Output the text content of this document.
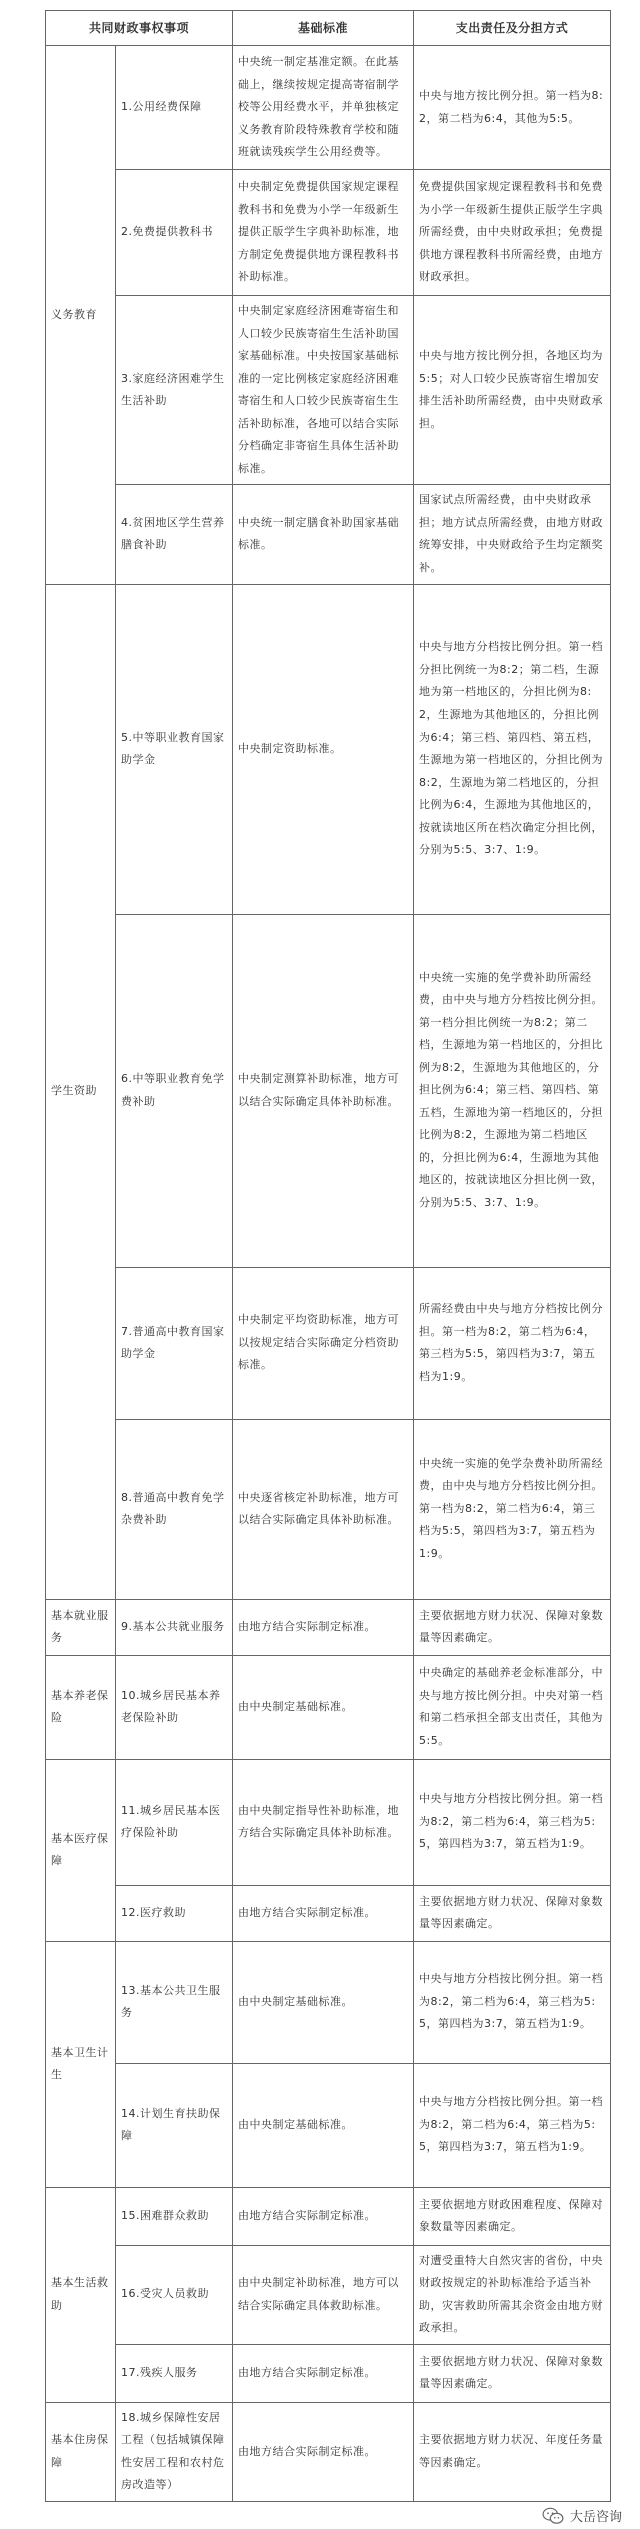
共同财政事权事项		基础标准	支出责任及分担方式
义务教育	1.公用经费保障	中央统一制定基准定额。在此基础上，继续按规定提高寄宿制学校等公用经费水平，并单独核定义务教育阶段特殊教育学校和随班就读残疾学生公用经费等。	中央与地方按比例分担。第一档为8:2，第二档为6:4，其他为5:5。
	2.免费提供教科书	中央制定免费提供国家规定课程教科书和免费为小学一年级新生提供正版学生字典补助标准，地方制定免费提供地方课程教科书补助标准。	免费提供国家规定课程教科书和免费为小学一年级新生提供正版学生字典所需经费，由中央财政承担；免费提供地方课程教科书所需经费，由地方财政承担。
	3.家庭经济困难学生生活补助	中央制定家庭经济困难寄宿生和人口较少民族寄宿生生活补助国家基础标准。中央按国家基础标准的一定比例核定家庭经济困难寄宿生和人口较少民族寄宿生生活补助标准，各地可以结合实际分档确定非寄宿生具体生活补助标准。	中央与地方按比例分担，各地区均为5:5；对人口较少民族寄宿生增加安排生活补助所需经费，由中央财政承担。
	4.贫困地区学生营养膳食补助	中央统一制定膳食补助国家基础标准。	国家试点所需经费，由中央财政承担；地方试点所需经费，由地方财政统筹安排，中央财政给予生均定额奖补。
学生资助	5.中等职业教育国家助学金	中央制定资助标准。	中央与地方分档按比例分担。第一档分担比例统一为8:2；第二档，生源地为第一档地区的，分担比例为8:2，生源地为其他地区的，分担比例为6:4；第三档、第四档、第五档，生源地为第一档地区的，分担比例为8:2，生源地为第二档地区的，分担比例为6:4，生源地为其他地区的，按就读地区所在档次确定分担比例，分别为5:5、3:7、1:9。
	6.中等职业教育免学费补助	中央制定测算补助标准，地方可以结合实际确定具体补助标准。	中央统一实施的免学费补助所需经费，由中央与地方分档按比例分担。第一档分担比例统一为8:2；第二档，生源地为第一档地区的，分担比例为8:2，生源地为其他地区的，分担比例为6:4；第三档、第四档、第五档，生源地为第一档地区的，分担比例为8:2，生源地为第二档地区的，分担比例为6:4，生源地为其他地区的，按就读地区分担比例一致，分别为5:5、3:7、1:9。
	7.普通高中教育国家助学金	中央制定平均资助标准，地方可以按规定结合实际确定分档资助标准。	所需经费由中央与地方分档按比例分担。第一档为8:2，第二档为6:4，第三档为5:5，第四档为3:7，第五档为1:9。
	8.普通高中教育免学杂费补助	中央逐省核定补助标准，地方可以结合实际确定具体补助标准。	中央统一实施的免学杂费补助所需经费，由中央与地方分档按比例分担。第一档为8:2，第二档为6:4，第三档为5:5，第四档为3:7，第五档为1:9。
基本就业服务	9.基本公共就业服务	由地方结合实际制定标准。	主要依据地方财力状况、保障对象数量等因素确定。
基本养老保险	10.城乡居民基本养老保险补助	由中央制定基础标准。	中央确定的基础养老金标准部分，中央与地方按比例分担。中央对第一档和第二档承担全部支出责任，其他为5:5。
基本医疗保障	11.城乡居民基本医疗保险补助	由中央制定指导性补助标准，地方结合实际确定具体补助标准。	中央与地方分档按比例分担。第一档为8:2，第二档为6:4，第三档为5:5，第四档为3:7，第五档为1:9。
	12.医疗救助	由地方结合实际制定标准。	主要依据地方财力状况、保障对象数量等因素确定。
基本卫生计生	13.基本公共卫生服务	由中央制定基础标准。	中央与地方分档按比例分担。第一档为8:2，第二档为6:4，第三档为5:5，第四档为3:7，第五档为1:9。
	14.计划生育扶助保障	由中央制定基础标准。	中央与地方分档按比例分担。第一档为8:2，第二档为6:4，第三档为5:5，第四档为3:7，第五档为1:9。
基本生活救助	15.困难群众救助	由地方结合实际制定标准。	主要依据地方财政困难程度、保障对象数量等因素确定。
	16.受灾人员救助	由中央制定补助标准，地方可以结合实际确定具体救助标准。	对遭受重特大自然灾害的省份，中央财政按规定的补助标准给予适当补助，灾害救助所需其余资金由地方财政承担。
	17.残疾人服务	由地方结合实际制定标准。	主要依据地方财力状况、保障对象数量等因素确定。
基本住房保障	18.城乡保障性安居工程（包括城镇保障性安居工程和农村危房改造等）	由地方结合实际制定标准。	主要依据地方财力状况、年度任务量等因素确定。
大岳咨询
